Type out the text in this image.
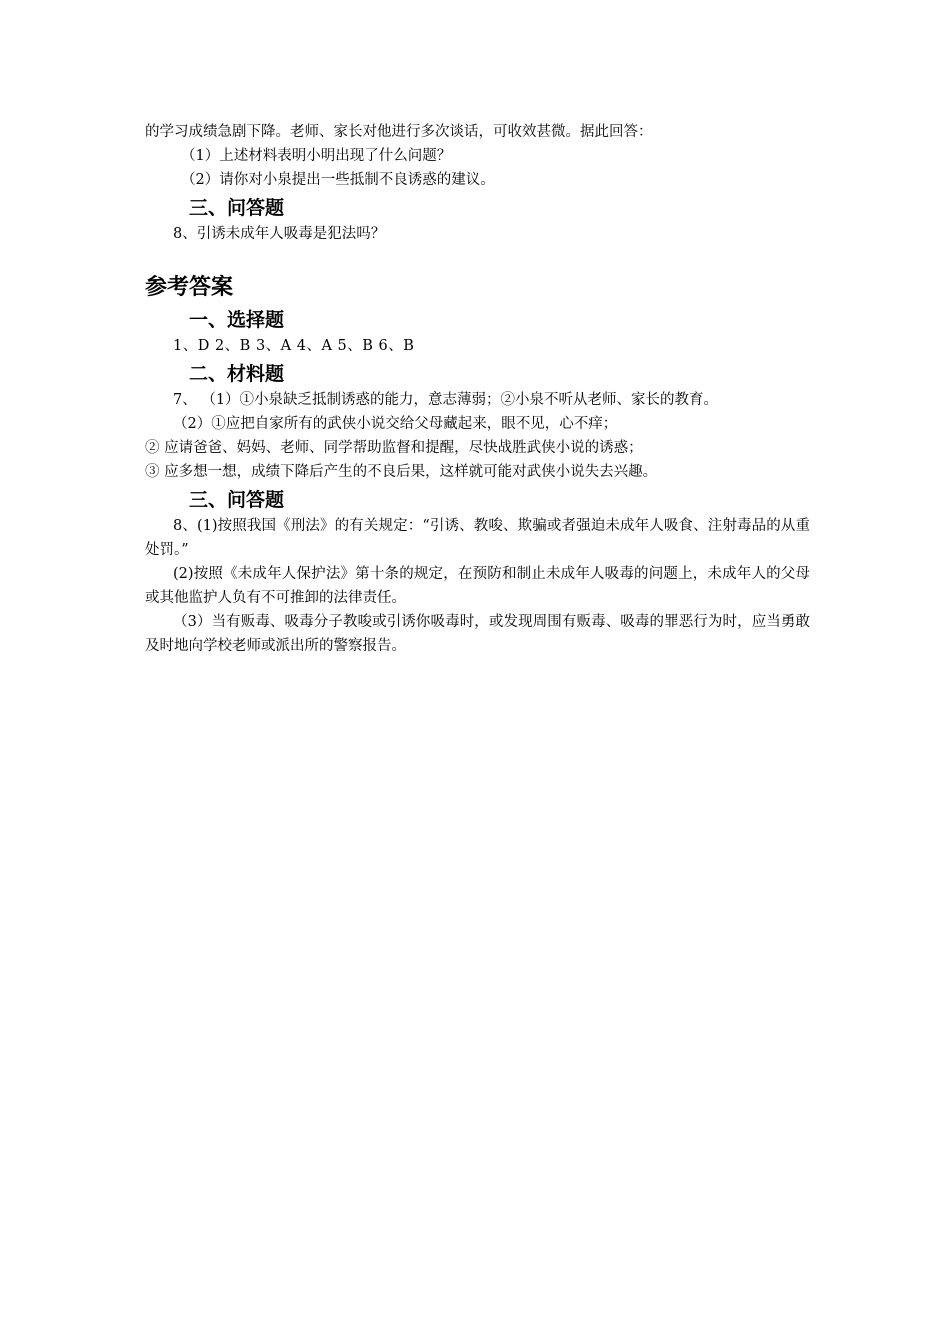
的学习成绩急剧下降。老师、家长对他进行多次谈话，可收效甚微。据此回答：

（1）上述材料表明小明出现了什么问题？

（2）请你对小泉提出一些抵制不良诱惑的建议。

三、问答题

8、引诱未成年人吸毒是犯法吗？

参考答案

一、选择题

1、D 2、B 3、A 4、A 5、B 6、B

二、材料题

7、 （1）①小泉缺乏抵制诱惑的能力，意志薄弱；②小泉不听从老师、家长的教育。

（2）①应把自家所有的武侠小说交给父母藏起来，眼不见，心不痒；

② 应请爸爸、妈妈、老师、同学帮助监督和提醒，尽快战胜武侠小说的诱惑；

③ 应多想一想，成绩下降后产生的不良后果，这样就可能对武侠小说失去兴趣。

三、问答题

8、(1)按照我国《刑法》的有关规定：“引诱、教唆、欺骗或者强迫未成年人吸食、注射毒品的从重处罚。”

(2)按照《未成年人保护法》第十条的规定，在预防和制止未成年人吸毒的问题上，未成年人的父母或其他监护人负有不可推卸的法律责任。

（3）当有贩毒、吸毒分子教唆或引诱你吸毒时，或发现周围有贩毒、吸毒的罪恶行为时，应当勇敢及时地向学校老师或派出所的警察报告。
